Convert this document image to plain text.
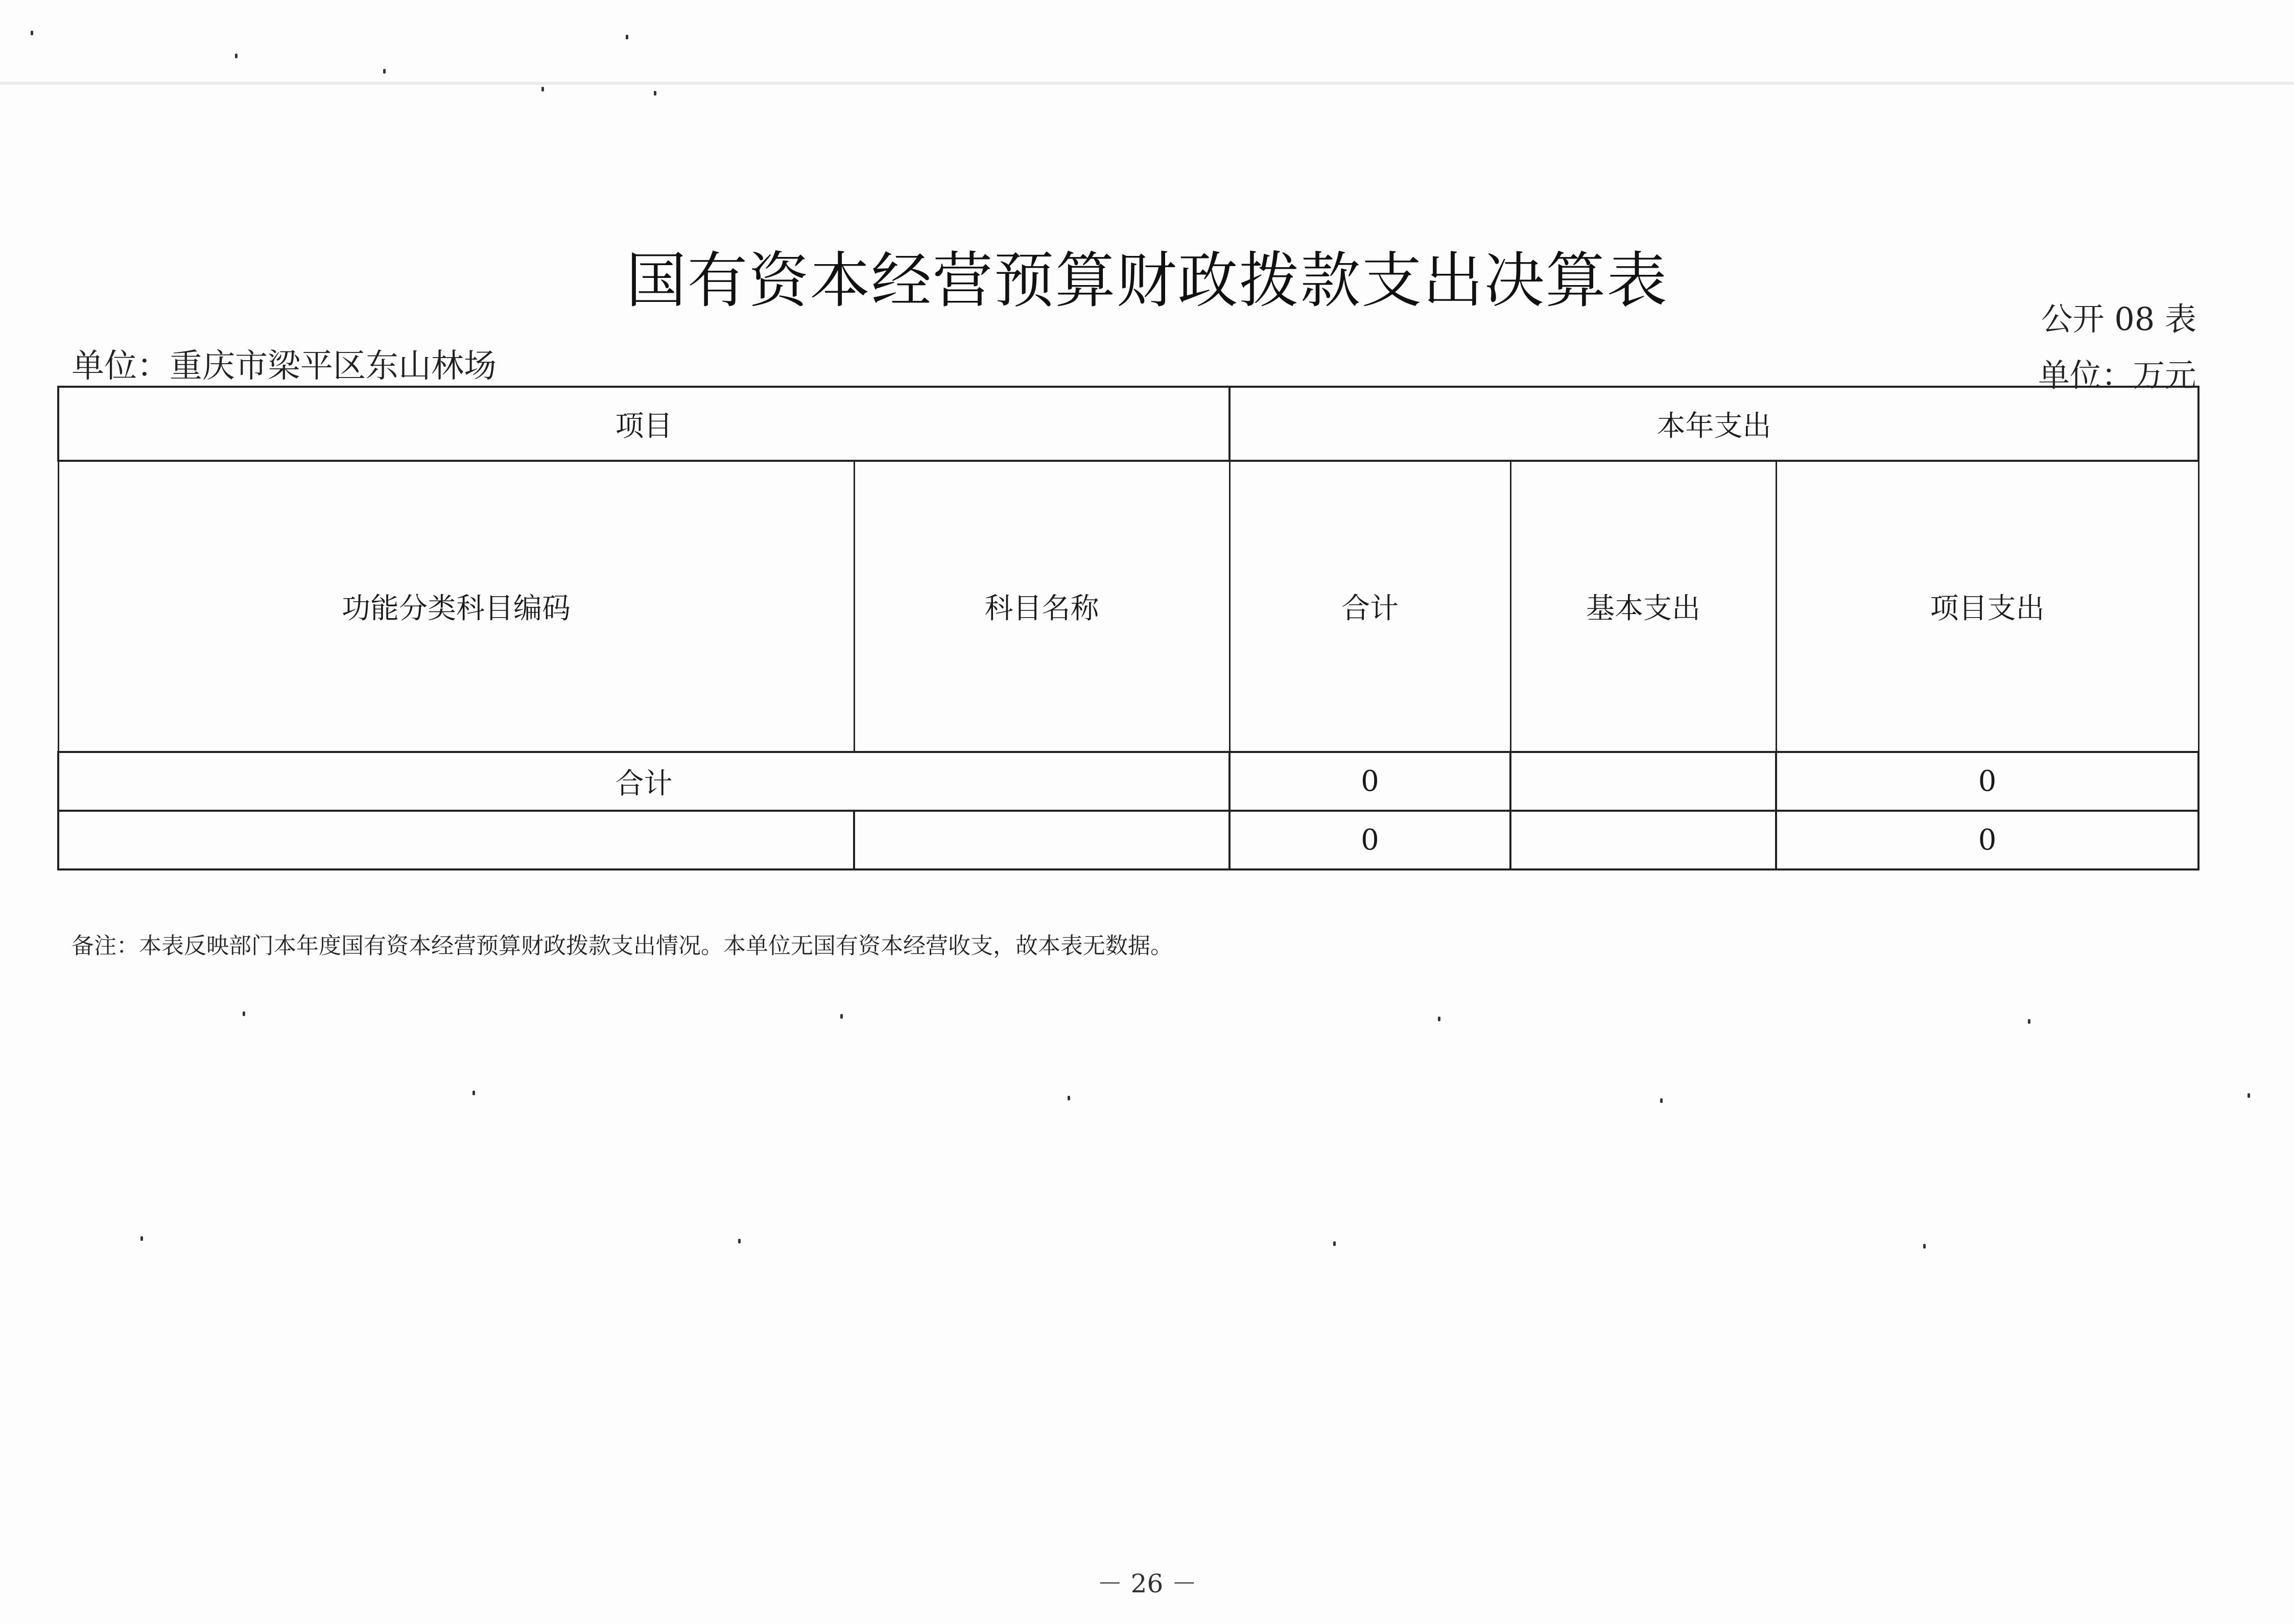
国有资本经营预算财政拨款支出决算表
公开 08 表
单位：重庆市梁平区东山林场	单位：万元
项目		本年支出		
功能分类科目编码	科目名称	合计	基本支出	项目支出
合计		0		0
		0		0
备注：本表反映部门本年度国有资本经营预算财政拨款支出情况。本单位无国有资本经营收支，故本表无数据。
－ 26 －
